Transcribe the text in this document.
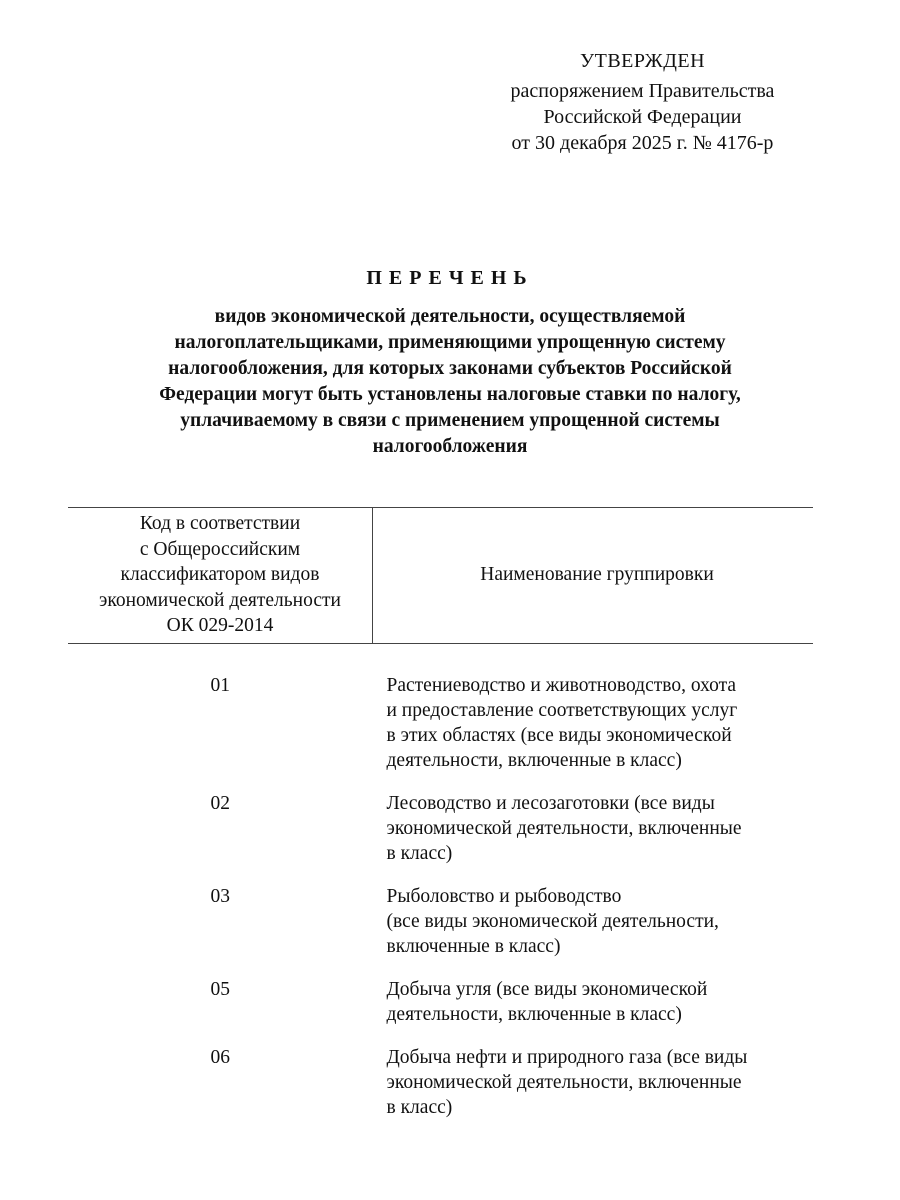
УТВЕРЖДЕН
распоряжением Правительства
Российской Федерации
от 30 декабря 2025 г. № 4176-р
ПЕРЕЧЕНЬ
видов экономической деятельности, осуществляемой
налогоплательщиками, применяющими упрощенную систему
налогообложения, для которых законами субъектов Российской
Федерации могут быть установлены налоговые ставки по налогу,
уплачиваемому в связи с применением упрощенной системы
налогообложения
Код в соответствии
с Общероссийским
классификатором видов
экономической деятельности
ОК 029-2014	Наименование группировки
01	Растениеводство и животноводство, охота
и предоставление соответствующих услуг
в этих областях (все виды экономической
деятельности, включенные в класс)

02	Лесоводство и лесозаготовки (все виды
экономической деятельности, включенные
в класс)

03	Рыболовство и рыбоводство
(все виды экономической деятельности,
включенные в класс)

05	Добыча угля (все виды экономической
деятельности, включенные в класс)

06	Добыча нефти и природного газа (все виды
экономической деятельности, включенные
в класс)
